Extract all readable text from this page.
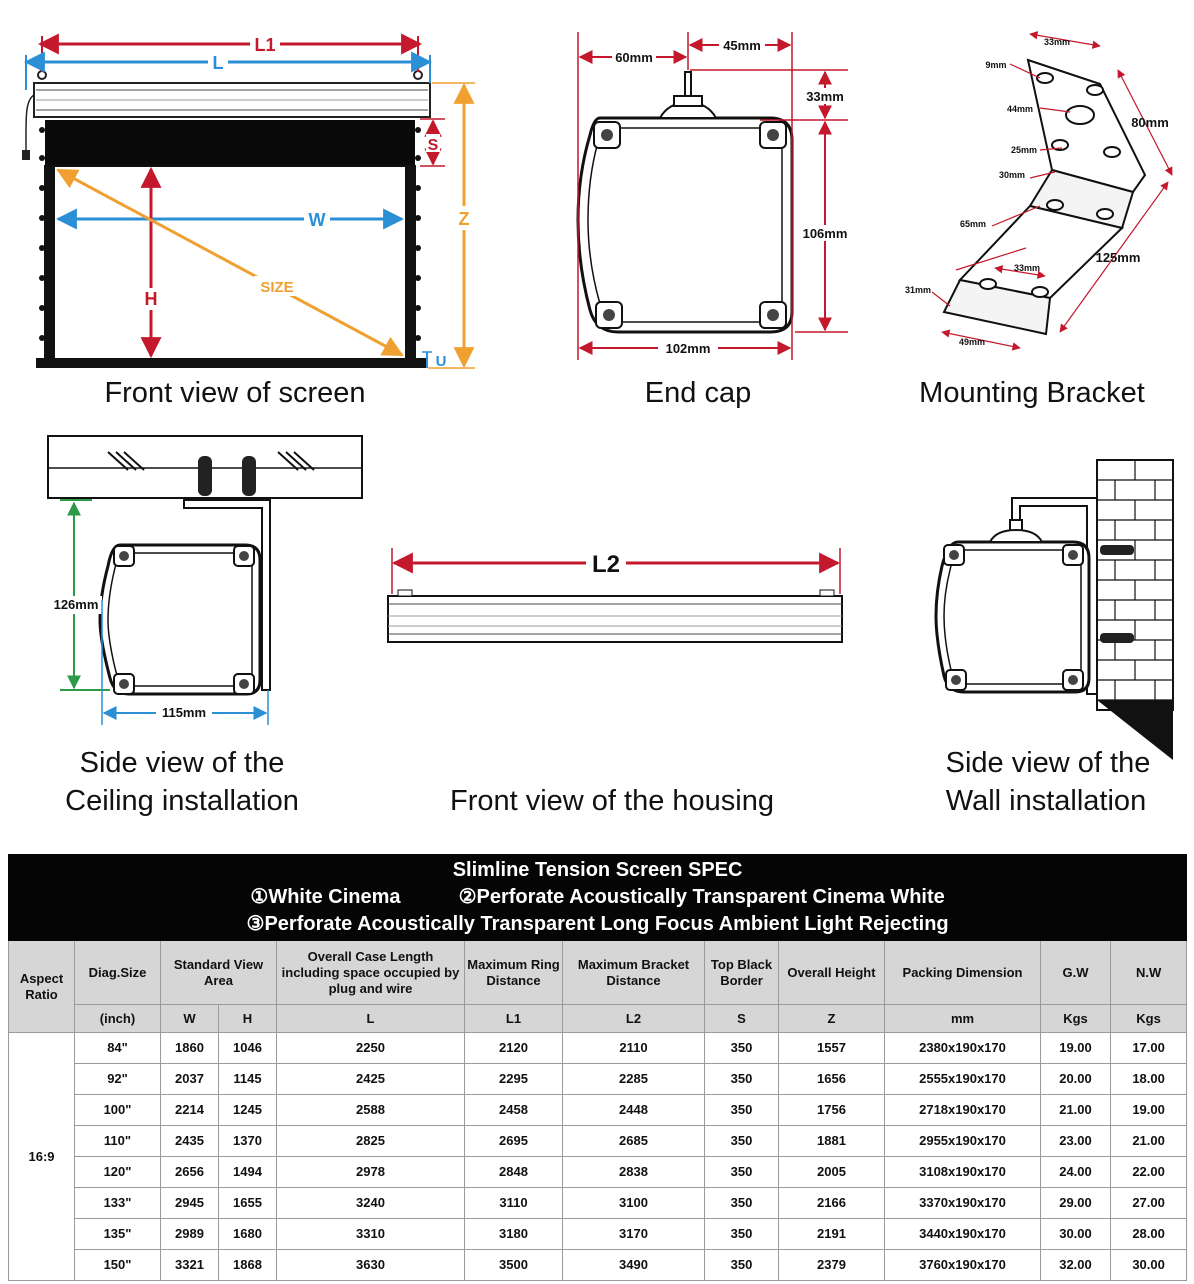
L1
L
W
H
SIZE
S
Z
U
Front view of screen
60mm
45mm
33mm
106mm
102mm
End cap
33mm
9mm
44mm
80mm
25mm
30mm
65mm
33mm
125mm
31mm
49mm
Mounting Bracket
126mm
115mm
Side view of the
Ceiling installation
L2
Front view of the housing
Side view of the
Wall installation
Slimline Tension Screen SPEC
①White Cinema ②Perforate Acoustically Transparent Cinema White
③Perforate Acoustically Transparent Long Focus Ambient Light Rejecting											

Aspect Ratio	Diag.Size	Standard View Area		Overall Case Length including space occupied by plug and wire	Maximum Ring Distance	Maximum Bracket Distance	Top Black Border	Overall Height	Packing Dimension	G.W	N.W
	(inch)	W	H	L	L1	L2	S	Z	mm	Kgs	Kgs
16:9	84"	1860	1046	2250	2120	2110	350	1557	2380x190x170	19.00	17.00
	92"	2037	1145	2425	2295	2285	350	1656	2555x190x170	20.00	18.00
	100"	2214	1245	2588	2458	2448	350	1756	2718x190x170	21.00	19.00
	110"	2435	1370	2825	2695	2685	350	1881	2955x190x170	23.00	21.00
	120"	2656	1494	2978	2848	2838	350	2005	3108x190x170	24.00	22.00
	133"	2945	1655	3240	3110	3100	350	2166	3370x190x170	29.00	27.00
	135"	2989	1680	3310	3180	3170	350	2191	3440x190x170	30.00	28.00
	150"	3321	1868	3630	3500	3490	350	2379	3760x190x170	32.00	30.00
